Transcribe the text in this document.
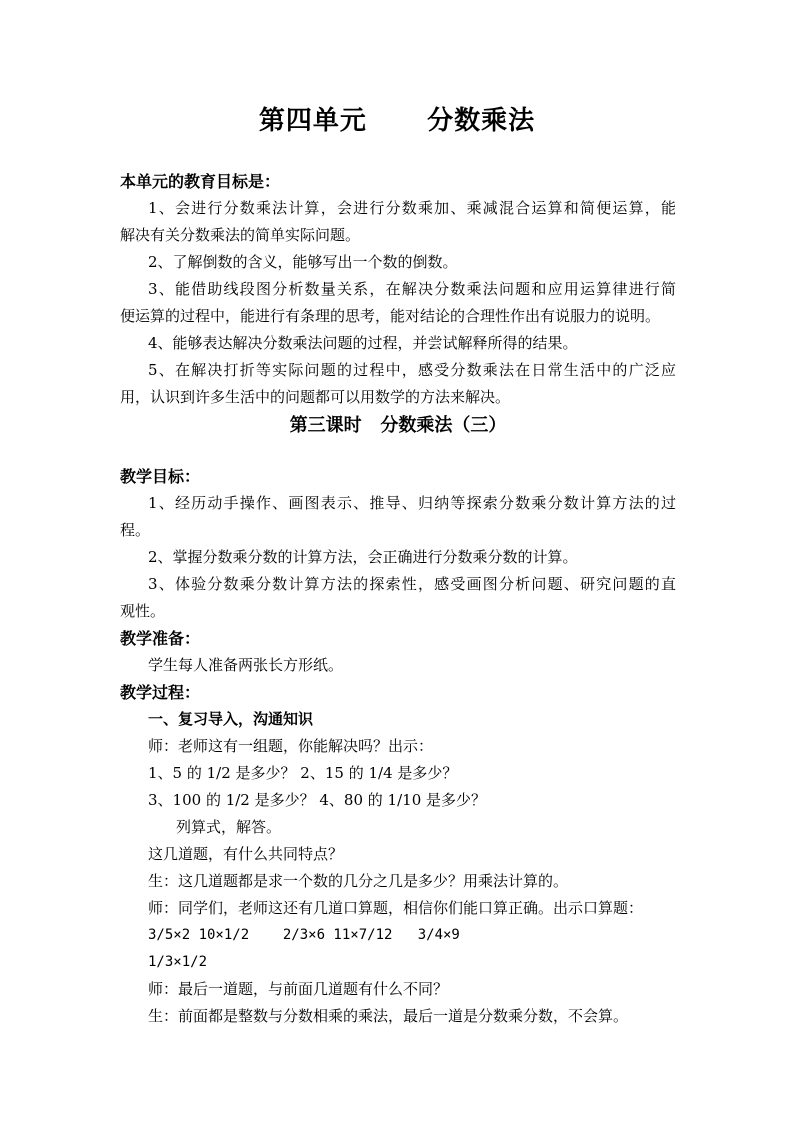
第四单元      分数乘法
本单元的教育目标是：
1、会进行分数乘法计算，会进行分数乘加、乘减混合运算和简便运算，能
解决有关分数乘法的简单实际问题。
2、了解倒数的含义，能够写出一个数的倒数。
3、能借助线段图分析数量关系，在解决分数乘法问题和应用运算律进行简
便运算的过程中，能进行有条理的思考，能对结论的合理性作出有说服力的说明。
4、能够表达解决分数乘法问题的过程，并尝试解释所得的结果。
5、在解决打折等实际问题的过程中，感受分数乘法在日常生活中的广泛应
用，认识到许多生活中的问题都可以用数学的方法来解决。
第三课时   分数乘法（三）
教学目标：
1、经历动手操作、画图表示、推导、归纳等探索分数乘分数计算方法的过
程。
2、掌握分数乘分数的计算方法，会正确进行分数乘分数的计算。
3、体验分数乘分数计算方法的探索性，感受画图分析问题、研究问题的直
观性。
教学准备：
学生每人准备两张长方形纸。
教学过程：
一、复习导入，沟通知识
师：老师这有一组题，你能解决吗？出示：
1、5 的 1/2 是多少？ 2、15 的 1/4 是多少？
3、100 的 1/2 是多少？ 4、80 的 1/10 是多少？
列算式，解答。
这几道题，有什么共同特点？
生：这几道题都是求一个数的几分之几是多少？用乘法计算的。
师：同学们，老师这还有几道口算题，相信你们能口算正确。出示口算题：
3/5×2 10×1/2    2/3×6 11×7/12   3/4×9
1/3×1/2
师：最后一道题，与前面几道题有什么不同？
生：前面都是整数与分数相乘的乘法，最后一道是分数乘分数，不会算。
